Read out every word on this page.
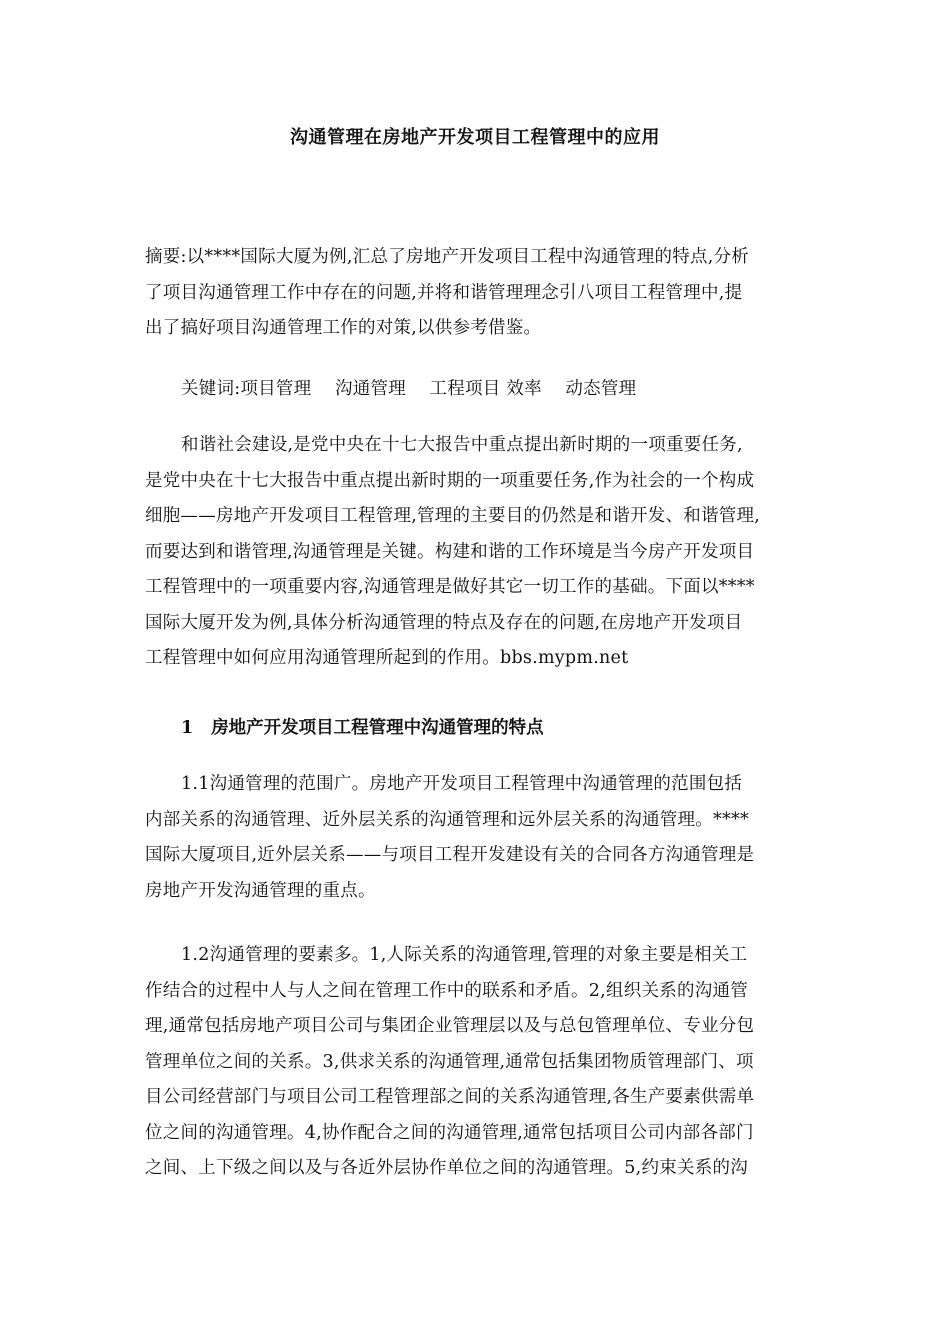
沟通管理在房地产开发项目工程管理中的应用
摘要:以****国际大厦为例,汇总了房地产开发项目工程中沟通管理的特点,分析
了项目沟通管理工作中存在的问题,并将和谐管理理念引八项目工程管理中,提
出了搞好项目沟通管理工作的对策,以供参考借鉴。
关键词:项目管理　 沟通管理　 工程项目 效率　 动态管理
和谐社会建设,是党中央在十七大报告中重点提出新时期的一项重要任务,
是党中央在十七大报告中重点提出新时期的一项重要任务,作为社会的一个构成
细胞——房地产开发项目工程管理,管理的主要目的仍然是和谐开发、和谐管理,
而要达到和谐管理,沟通管理是关键。构建和谐的工作环境是当今房产开发项目
工程管理中的一项重要内容,沟通管理是做好其它一切工作的基础。下面以****
国际大厦开发为例,具体分析沟通管理的特点及存在的问题,在房地产开发项目
工程管理中如何应用沟通管理所起到的作用。bbs.mypm.net
1 房地产开发项目工程管理中沟通管理的特点
1.1沟通管理的范围广。房地产开发项目工程管理中沟通管理的范围包括
内部关系的沟通管理、近外层关系的沟通管理和远外层关系的沟通管理。****
国际大厦项目,近外层关系——与项目工程开发建设有关的合同各方沟通管理是
房地产开发沟通管理的重点。
1.2沟通管理的要素多。1,人际关系的沟通管理,管理的对象主要是相关工
作结合的过程中人与人之间在管理工作中的联系和矛盾。2,组织关系的沟通管
理,通常包括房地产项目公司与集团企业管理层以及与总包管理单位、专业分包
管理单位之间的关系。3,供求关系的沟通管理,通常包括集团物质管理部门、项
目公司经营部门与项目公司工程管理部之间的关系沟通管理,各生产要素供需单
位之间的沟通管理。4,协作配合之间的沟通管理,通常包括项目公司内部各部门
之间、上下级之间以及与各近外层协作单位之间的沟通管理。5,约束关系的沟
